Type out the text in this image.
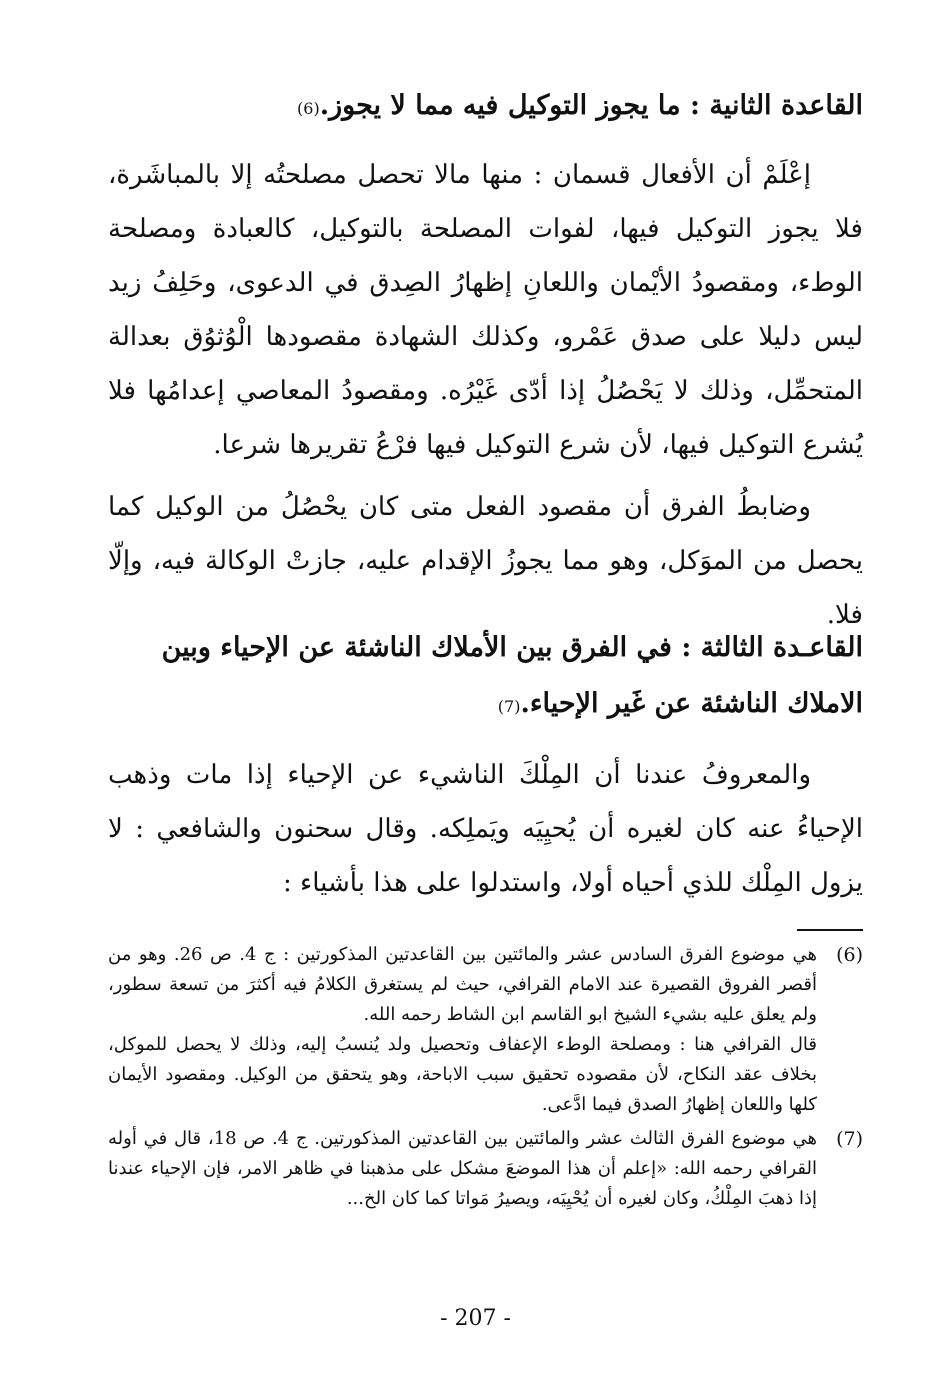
القاعدة الثانية : ما يجوز التوكيل فيه مما لا يجوز.(6)

إعْلَمْ أن الأفعال قسمان : منها مالا تحصل مصلحتُه إلا بالمباشَرة، فلا يجوز التوكيل فيها، لفوات المصلحة بالتوكيل، كالعبادة ومصلحة الوطء، ومقصودُ الأيْمان واللعانِ إظهارُ الصِدق في الدعوى، وحَلِفُ زيد ليس دليلا على صدق عَمْرو، وكذلك الشهادة مقصودها الْوُثوُق بعدالة المتحمِّل، وذلك لا يَحْصُلُ إذا أدّى غَيْرُه. ومقصودُ المعاصي إعدامُها فلا يُشرع التوكيل فيها، لأن شرع التوكيل فيها فرْعُ تقريرها شرعا.

وضابطُ الفرق أن مقصود الفعل متى كان يحْصُلُ من الوكيل كما يحصل من الموَكل، وهو مما يجوزُ الإقدام عليه، جازتْ الوكالة فيه، وإلّا فلا.

القاعـدة الثالثة : في الفرق بين الأملاك الناشئة عن الإحياء وبين الاملاك الناشئة عن غَير الإحياء.(7)

والمعروفُ عندنا أن المِلْكَ الناشيء عن الإحياء إذا مات وذهب الإحياءُ عنه كان لغيره أن يُحيِيَه ويَملِكه. وقال سحنون والشافعي : لا يزول المِلْك للذي أحياه أولا، واستدلوا على هذا بأشياء :

(6)

هي موضوع الفرق السادس عشر والمائتين بين القاعدتين المذكورتين : ج 4. ص 26. وهو من أقصر الفروق القصيرة عند الامام القرافي، حيث لم يستغرق الكلامُ فيه أكثرَ من تسعة سطور، ولم يعلق عليه بشيء الشيخ ابو القاسم ابن الشاط رحمه الله.

قال القرافي هنا : ومصلحة الوطء الإعفاف وتحصيل ولد يُنسبُ إليه، وذلك لا يحصل للموكل، بخلاف عقد النكاح، لأن مقصوده تحقيق سبب الاباحة، وهو يتحقق من الوكيل. ومقصود الأيمان كلها واللعان إظهارُ الصدق فيما ادَّعى.

(7)

هي موضوع الفرق الثالث عشر والمائتين بين القاعدتين المذكورتين. ج 4. ص 18، قال في أوله القرافي رحمه الله: «إعلم أن هذا الموضعَ مشكل على مذهبنا في ظاهر الامر، فإن الإحياء عندنا إذا ذهبَ المِلْكُ، وكان لغيره أن يُحْيِيَه، ويصيرُ مَواتا كما كان الخ...

- 207 -
